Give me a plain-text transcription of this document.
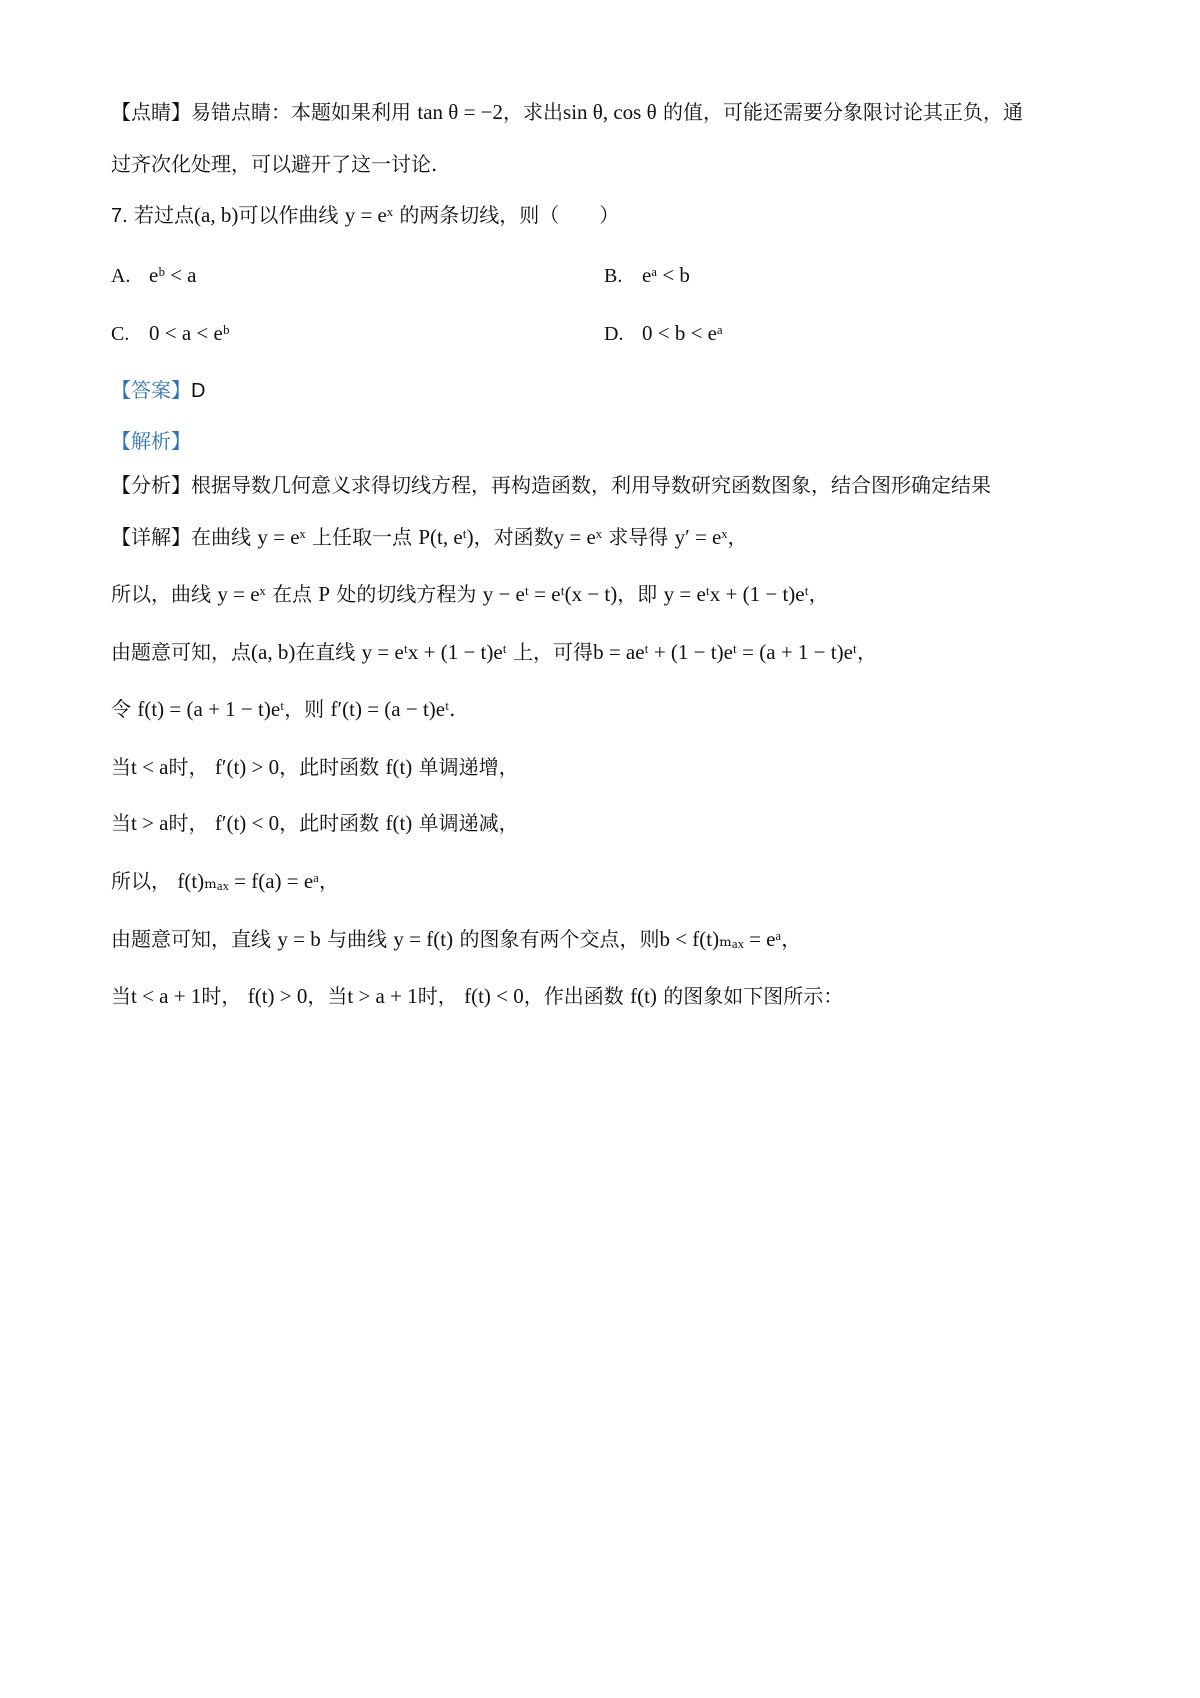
【点睛】易错点睛：本题如果利用 tan θ = −2，求出sin θ, cos θ 的值，可能还需要分象限讨论其正负，通
过齐次化处理，可以避开了这一讨论.
7. 若过点(a, b)可以作曲线 y = eˣ 的两条切线，则（　　）
A. eᵇ < a	B. eᵃ < b
C. 0 < a < eᵇ	D. 0 < b < eᵃ
【答案】D
【解析】
【分析】根据导数几何意义求得切线方程，再构造函数，利用导数研究函数图象，结合图形确定结果
【详解】在曲线 y = eˣ 上任取一点 P(t, eᵗ)，对函数y = eˣ 求导得 y′ = eˣ，
所以，曲线 y = eˣ 在点 P 处的切线方程为 y − eᵗ = eᵗ(x − t)，即 y = eᵗx + (1 − t)eᵗ，
由题意可知，点(a, b)在直线 y = eᵗx + (1 − t)eᵗ 上，可得b = aeᵗ + (1 − t)eᵗ = (a + 1 − t)eᵗ，
令 f(t) = (a + 1 − t)eᵗ，则 f′(t) = (a − t)eᵗ.
当t < a时， f′(t) > 0，此时函数 f(t) 单调递增，
当t > a时， f′(t) < 0，此时函数 f(t) 单调递减，
所以， f(t)ₘₐₓ = f(a) = eᵃ，
由题意可知，直线 y = b 与曲线 y = f(t) 的图象有两个交点，则b < f(t)ₘₐₓ = eᵃ，
当t < a + 1时， f(t) > 0，当t > a + 1时， f(t) < 0，作出函数 f(t) 的图象如下图所示：
